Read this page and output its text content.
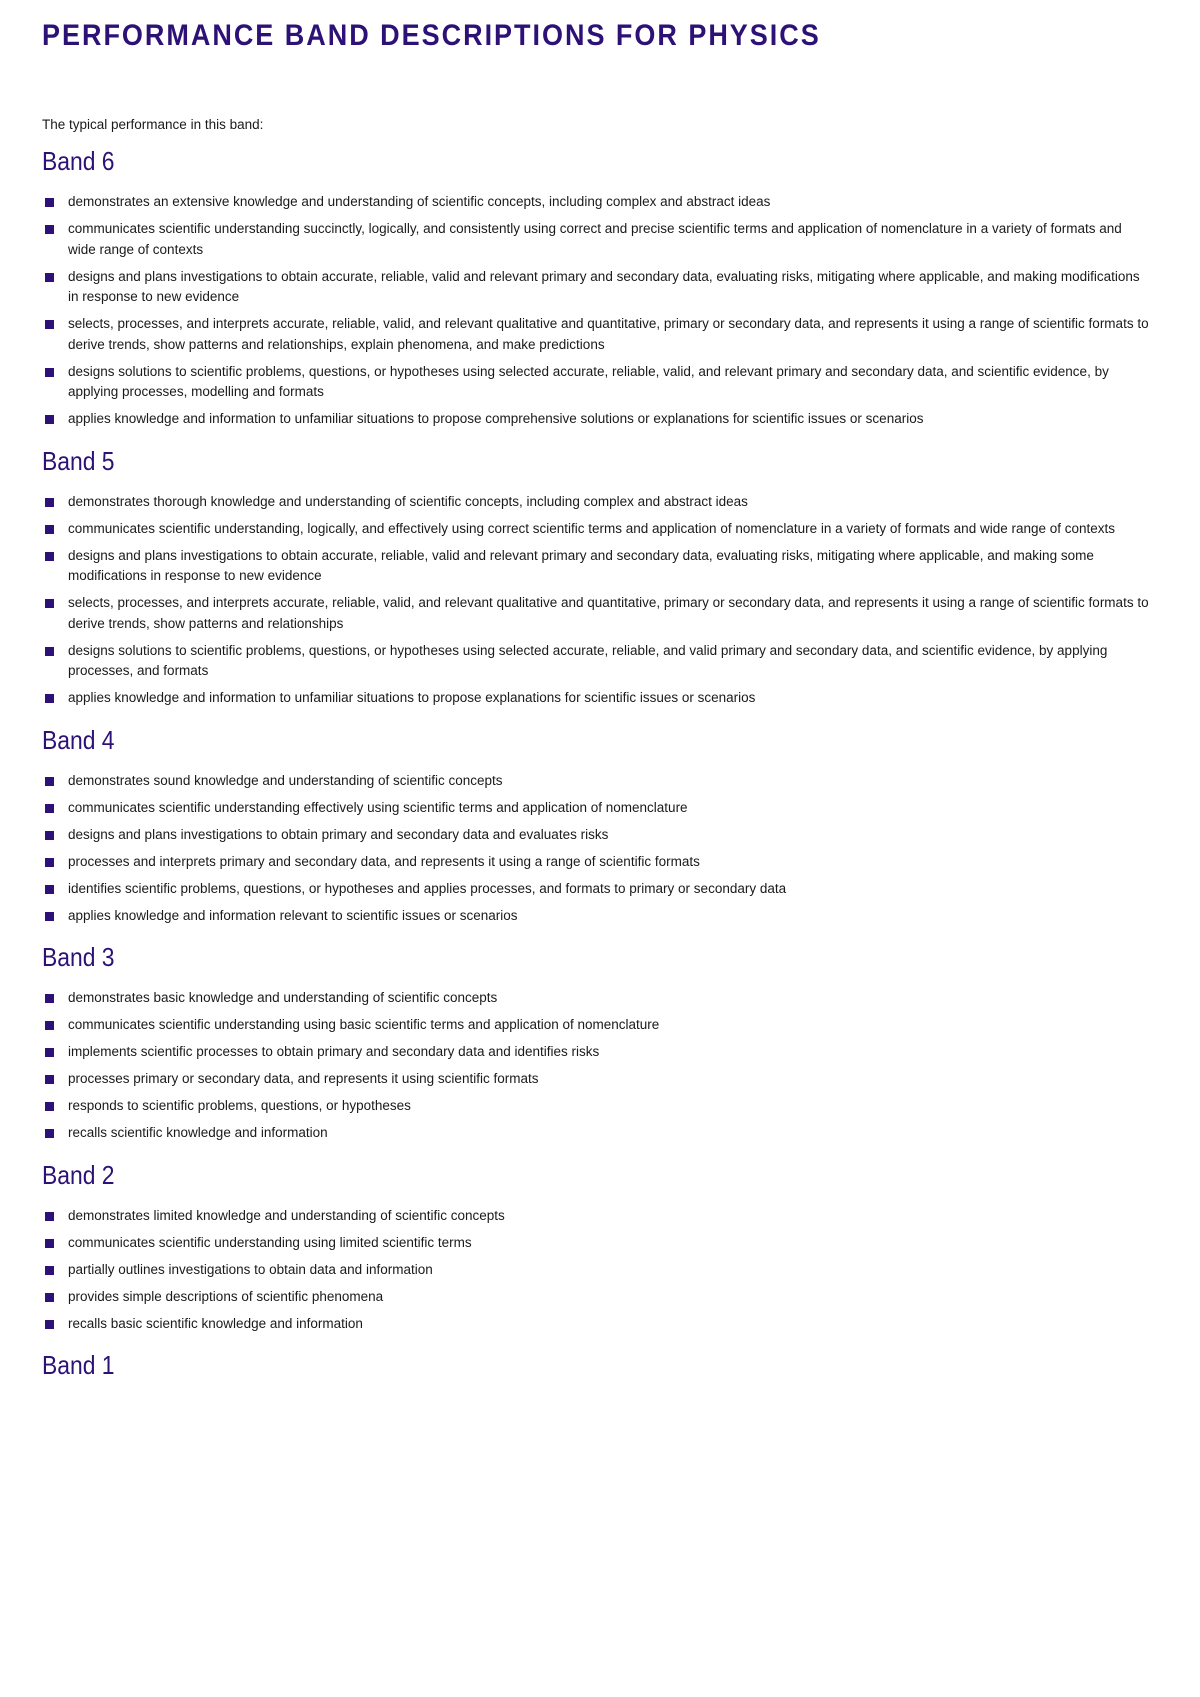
PERFORMANCE BAND DESCRIPTIONS FOR PHYSICS

The typical performance in this band:

Band 6
demonstrates an extensive knowledge and understanding of scientific concepts, including complex and abstract ideas
communicates scientific understanding succinctly, logically, and consistently using correct and precise scientific terms and application of nomenclature in a variety of formats and wide range of contexts
designs and plans investigations to obtain accurate, reliable, valid and relevant primary and secondary data, evaluating risks, mitigating where applicable, and making modifications in response to new evidence
selects, processes, and interprets accurate, reliable, valid, and relevant qualitative and quantitative, primary or secondary data, and represents it using a range of scientific formats to derive trends, show patterns and relationships, explain phenomena, and make predictions
designs solutions to scientific problems, questions, or hypotheses using selected accurate, reliable, valid, and relevant primary and secondary data, and scientific evidence, by applying processes, modelling and formats
applies knowledge and information to unfamiliar situations to propose comprehensive solutions or explanations for scientific issues or scenarios
Band 5
demonstrates thorough knowledge and understanding of scientific concepts, including complex and abstract ideas
communicates scientific understanding, logically, and effectively using correct scientific terms and application of nomenclature in a variety of formats and wide range of contexts
designs and plans investigations to obtain accurate, reliable, valid and relevant primary and secondary data, evaluating risks, mitigating where applicable, and making some modifications in response to new evidence
selects, processes, and interprets accurate, reliable, valid, and relevant qualitative and quantitative, primary or secondary data, and represents it using a range of scientific formats to derive trends, show patterns and relationships
designs solutions to scientific problems, questions, or hypotheses using selected accurate, reliable, and valid primary and secondary data, and scientific evidence, by applying processes, and formats
applies knowledge and information to unfamiliar situations to propose explanations for scientific issues or scenarios
Band 4
demonstrates sound knowledge and understanding of scientific concepts
communicates scientific understanding effectively using scientific terms and application of nomenclature
designs and plans investigations to obtain primary and secondary data and evaluates risks
processes and interprets primary and secondary data, and represents it using a range of scientific formats
identifies scientific problems, questions, or hypotheses and applies processes, and formats to primary or secondary data
applies knowledge and information relevant to scientific issues or scenarios
Band 3
demonstrates basic knowledge and understanding of scientific concepts
communicates scientific understanding using basic scientific terms and application of nomenclature
implements scientific processes to obtain primary and secondary data and identifies risks
processes primary or secondary data, and represents it using scientific formats
responds to scientific problems, questions, or hypotheses
recalls scientific knowledge and information
Band 2
demonstrates limited knowledge and understanding of scientific concepts
communicates scientific understanding using limited scientific terms
partially outlines investigations to obtain data and information
provides simple descriptions of scientific phenomena
recalls basic scientific knowledge and information
Band 1
